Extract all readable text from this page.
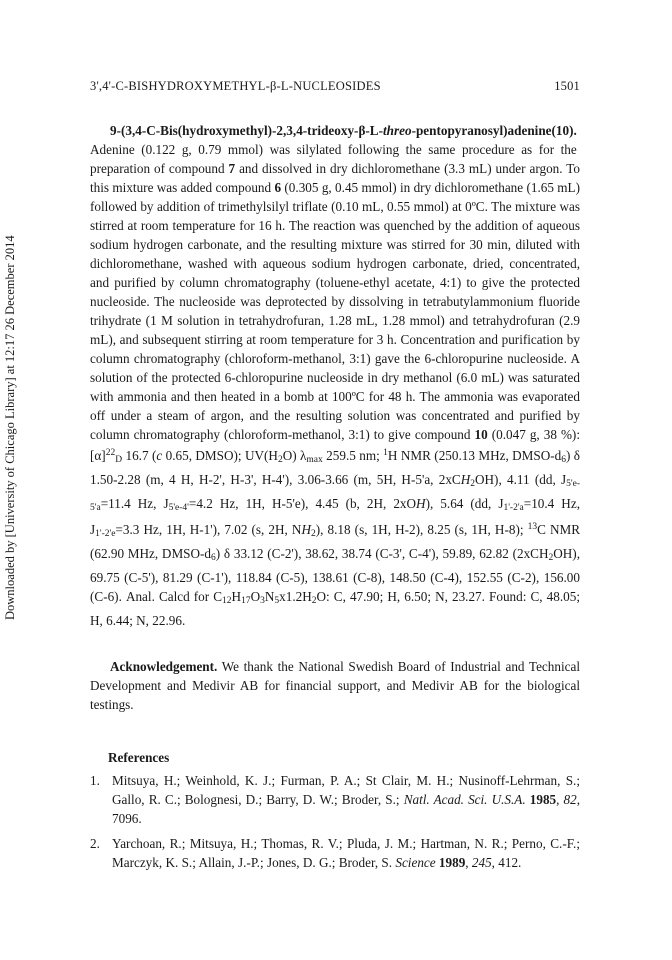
3',4'-C-BISHYDROXYMETHYL-β-L-NUCLEOSIDES	1501
Downloaded by [University of Chicago Library] at 12:17 26 December 2014

9-(3,4-C-Bis(hydroxymethyl)-2,3,4-trideoxy-β-L-threo-pentopyranosyl)adenine(10). Adenine (0.122 g, 0.79 mmol) was silylated following the same procedure as for the preparation of compound 7 and dissolved in dry dichloromethane (3.3 mL) under argon. To this mixture was added compound 6 (0.305 g, 0.45 mmol) in dry dichloromethane (1.65 mL) followed by addition of trimethylsilyl triflate (0.10 mL, 0.55 mmol) at 0ºC. The mixture was stirred at room temperature for 16 h. The reaction was quenched by the addition of aqueous sodium hydrogen carbonate, and the resulting mixture was stirred for 30 min, diluted with dichloromethane, washed with aqueous sodium hydrogen carbonate, dried, concentrated, and purified by column chromatography (toluene-ethyl acetate, 4:1) to give the protected nucleoside. The nucleoside was deprotected by dissolving in tetrabutylammonium fluoride trihydrate (1 M solution in tetrahydrofuran, 1.28 mL, 1.28 mmol) and tetrahydrofuran (2.9 mL), and subsequent stirring at room temperature for 3 h. Concentration and purification by column chromatography (chloroform-methanol, 3:1) gave the 6-chloropurine nucleoside. A solution of the protected 6-chloropurine nucleoside in dry methanol (6.0 mL) was saturated with ammonia and then heated in a bomb at 100ºC for 48 h. The ammonia was evaporated off under a steam of argon, and the resulting solution was concentrated and purified by column chromatography (chloroform-methanol, 3:1) to give compound 10 (0.047 g, 38 %): $[\alpha]^{22}_D$ 16.7 (c 0.65, DMSO); $UV(H_2O)$ $\lambda_{max}$ 259.5 nm; $^1$H NMR (250.13 MHz, DMSO-$d_6$) δ 1.50-2.28 (m, 4 H, H-2', H-3', H-4'), 3.06-3.66 (m, 5H, H-5'a, 2xCH$_2$OH), 4.11 (dd, $J_{5'e-5'a}=11.4$ Hz, $J_{5'e-4'}=4.2$ Hz, 1H, H-5'e), 4.45 (b, 2H, 2xOH), 5.64 (dd, $J_{1'-2'a}=10.4$ Hz, $J_{1'-2'e}=3.3$ Hz, 1H, H-1'), 7.02 (s, 2H, $NH_2$), 8.18 (s, 1H, H-2), 8.25 (s, 1H, H-8); $^{13}$C NMR (62.90 MHz, DMSO-$d_6$) δ 33.12 (C-2'), 38.62, 38.74 (C-3', C-4'), 59.89, 62.82 (2xCH$_2$OH), 69.75 (C-5'), 81.29 (C-1'), 118.84 (C-5), 138.61 (C-8), 148.50 (C-4), 152.55 (C-2), 156.00 (C-6). Anal. Calcd for $C_{12}H_{17}O_3N_5x1.2H_2O$: C, 47.90; H, 6.50; N, 23.27. Found: C, 48.05; H, 6.44; N, 22.96.

Acknowledgement. We thank the National Swedish Board of Industrial and Technical Development and Medivir AB for financial support, and Medivir AB for the biological testings.

References
1. Mitsuya, H.; Weinhold, K. J.; Furman, P. A.; St Clair, M. H.; Nusinoff-Lehrman, S.; Gallo, R. C.; Bolognesi, D.; Barry, D. W.; Broder, S.; Natl. Acad. Sci. U.S.A. 1985, 82, 7096.
2. Yarchoan, R.; Mitsuya, H.; Thomas, R. V.; Pluda, J. M.; Hartman, N. R.; Perno, C.-F.; Marczyk, K. S.; Allain, J.-P.; Jones, D. G.; Broder, S. Science 1989, 245, 412.
